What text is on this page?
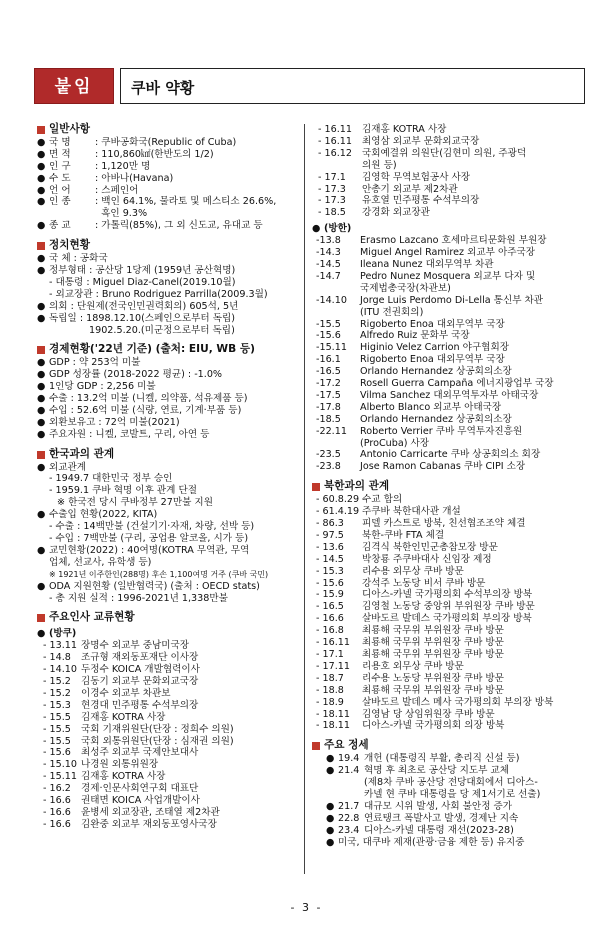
붙임	쿠바 약황
일반사항
● 국 명	: 쿠바공화국(Republic of Cuba)
● 면 적	: 110,860㎢(한반도의 1/2)
● 인 구	: 1,120만 명
● 수 도	: 아바나(Havana)
● 언 어	: 스페인어
● 인 종	: 백인 64.1%, 물라토 및 메스티소 26.6%,

흑인 9.3%
● 종 교	: 가톨릭(85%), 그 외 신도교, 유대교 등
정치현황
● 국 체 : 공화국
● 정부형태 : 공산당 1당제 (1959년 공산혁명)
- 대통령 : Miguel Diaz-Canel(2019.10월)
- 외교장관 : Bruno Rodriguez Parrilla(2009.3월)
● 의회 : 단원제(전국인민권력회의) 605석, 5년
● 독립일 : 1898.12.10(스페인으로부터 독립)
1902.5.20.(미군정으로부터 독립)
경제현황('22년 기준) (출처: EIU, WB 등)
● GDP : 약 253억 미불
● GDP 성장률 (2018-2022 평균) : -1.0%
● 1인당 GDP : 2,256 미불
● 수출 : 13.2억 미불 (니켈, 의약품, 석유제품 등)
● 수입 : 52.6억 미불 (식량, 연료, 기계·부품 등)
● 외환보유고 : 72억 미불(2021)
● 주요자원 : 니켈, 코발트, 구리, 아연 등
한국과의 관계
● 외교관계
- 1949.7 대한민국 정부 승인
- 1959.1 쿠바 혁명 이후 관계 단절
※ 한국전 당시 쿠바정부 27만불 지원
● 수출입 현황(2022, KITA)
- 수출 : 14백만불 (건설기기·자재, 차량, 선박 등)
- 수입 : 7백만불 (구리, 공업용 알코올, 시가 등)
● 교민현황(2022) : 40여명(KOTRA 무역관, 무역
업체, 선교사, 유학생 등)
※ 1921년 이주한인(288명) 후손 1,100여명 거주 (쿠바 국민)
● ODA 지원현황 (일반협력국) (출처 : OECD stats)
- 총 지원 실적 : 1996-2021년 1,338만불
주요인사 교류현황
● (방쿠)
- 13.11 장명수 외교부 중남미국장
- 14.8	조규형 재외동포재단 이사장
- 14.10 두정수 KOICA 개발협력이사
- 15.2	김동기 외교부 문화외교국장
- 15.2	이경수 외교부 차관보
- 15.3	현경대 민주평통 수석부의장
- 15.5	김재홍 KOTRA 사장
- 15.5	국회 기재위원단(단장 : 정희수 의원)
- 15.5	국회 외통위원단(단장 : 심재권 의원)
- 15.6	최성주 외교부 국제안보대사
- 15.10 나경원 외통위원장
- 15.11 김재홍 KOTRA 사장
- 16.2	경제·인문사회연구회 대표단
- 16.6	권태면 KOICA 사업개발이사
- 16.6	윤병세 외교장관, 조태열 제2차관
- 16.6	김완중 외교부 재외동포영사국장
- 16.11	김재홍 KOTRA 사장
- 16.11	최영삼 외교부 문화외교국장
- 16.12	국회예결위 의원단(김현미 의원, 주광덕
의원 등)
- 17.1	김영학 무역보험공사 사장
- 17.3	안총기 외교부 제2차관
- 17.3	유호열 민주평통 수석부의장
- 18.5	강경화 외교장관
● (방한)
-13.8	Erasmo Lazcano 호세마르티문화원 부원장
-14.3	Miguel Angel Ramirez 외교부 아주국장
-14.5	Ileana Nunez 대외무역부 차관
-14.7	Pedro Nunez Mosquera 외교부 다자 및
국제법총국장(차관보)
-14.10	Jorge Luis Perdomo Di-Lella 통신부 차관
(ITU 전권회의)
-15.5	Rigoberto Enoa 대외무역부 국장
-15.6	Alfredo Ruiz 문화부 국장
-15.11	Higinio Velez Carrion 야구협회장
-16.1	Rigoberto Enoa 대외무역부 국장
-16.5	Orlando Hernandez 상공회의소장
-17.2	Rosell Guerra Campaña 에너지광업부 국장
-17.5	Vilma Sanchez 대외무역투자부 아태국장
-17.8	Alberto Blanco 외교부 아태국장
-18.5	Orlando Hernandez 상공회의소장
-22.11	Roberto Verrier 쿠바 무역투자진흥원
(ProCuba) 사장
-23.5	Antonio Carricarte 쿠바 상공회의소 회장
-23.8	Jose Ramon Cabanas 쿠바 CIPI 소장
북한과의 관계
- 60.8.29 수교 합의
- 61.4.19 주쿠바 북한대사관 개설
- 86.3	피델 카스트로 방북, 친선협조조약 체결
- 97.5	북한-쿠바 FTA 체결
- 13.6	김격식 북한인민군총참모장 방문
- 14.5	박창룡 주쿠바대사 신임장 제정
- 15.3	리수용 외무상 쿠바 방문
- 15.6	강석주 노동당 비서 쿠바 방문
- 15.9	디아스-카넬 국가평의회 수석부의장 방북
- 16.5	김영철 노동당 중앙위 부위원장 쿠바 방문
- 16.6	살바도르 발데스 국가평의회 부의장 방북
- 16.8	최룡해 국무위 부위원장 쿠바 방문
- 16.11	최룡해 국무위 부위원장 쿠바 방문
- 17.1	최룡해 국무위 부위원장 쿠바 방문
- 17.11	리용호 외무상 쿠바 방문
- 18.7	리수용 노동당 부위원장 쿠바 방문
- 18.8	최룡해 국무위 부위원장 쿠바 방문
- 18.9	살바도르 발데스 메사 국가평의회 부의장 방북
- 18.11	김영남 당 상임위원장 쿠바 방문
- 18.11	디아스-카넬 국가평의회 의장 방북
주요 정세
● 19.4 개헌 (대통령직 부활, 총리직 신설 등)
● 21.4 혁명 후 최초로 공산당 지도부 교체
(제8차 쿠바 공산당 전당대회에서 디아스-
카넬 현 쿠바 대통령을 당 제1서기로 선출)
● 21.7 대규모 시위 발생, 사회 불안정 증가
● 22.8 연료탱크 폭발사고 발생, 경제난 지속
● 23.4 디아스-카넬 대통령 재선(2023-28)
● 미국, 대쿠바 제재(관광·금융 제한 등) 유지중
- 3 -
